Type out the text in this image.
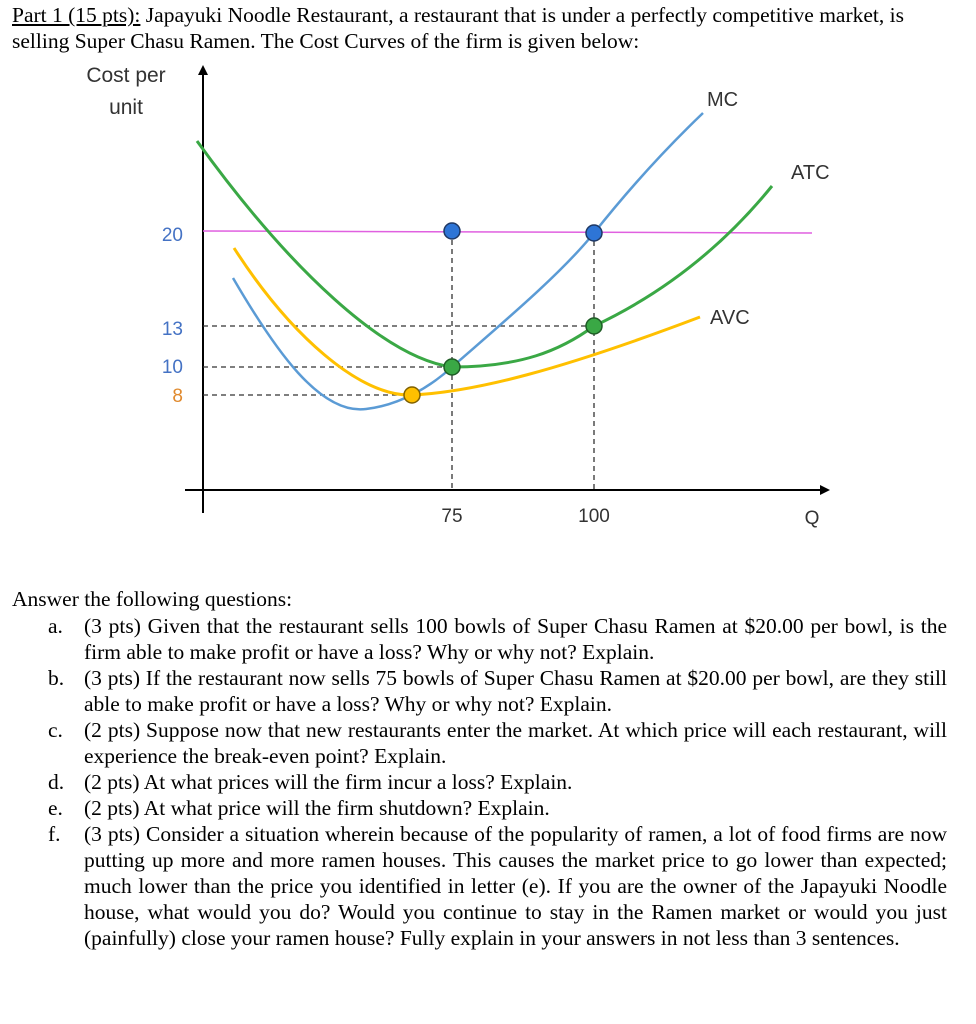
Part 1 (15 pts): Japayuki Noodle Restaurant, a restaurant that is under a perfectly competitive market, is selling Super Chasu Ramen. The Cost Curves of the firm is given below:
Cost per
unit
20
13
10
8
75	100	Q
MC
ATC
AVC
Answer the following questions:
a. (3 pts) Given that the restaurant sells 100 bowls of Super Chasu Ramen at $20.00 per bowl, is the firm able to make profit or have a loss? Why or why not? Explain.
b. (3 pts) If the restaurant now sells 75 bowls of Super Chasu Ramen at $20.00 per bowl, are they still able to make profit or have a loss? Why or why not? Explain.
c. (2 pts) Suppose now that new restaurants enter the market. At which price will each restaurant, will experience the break-even point? Explain.
d. (2 pts) At what prices will the firm incur a loss? Explain.
e. (2 pts) At what price will the firm shutdown? Explain.
f. (3 pts) Consider a situation wherein because of the popularity of ramen, a lot of food firms are now putting up more and more ramen houses. This causes the market price to go lower than expected; much lower than the price you identified in letter (e). If you are the owner of the Japayuki Noodle house, what would you do? Would you continue to stay in the Ramen market or would you just (painfully) close your ramen house? Fully explain in your answers in not less than 3 sentences.
